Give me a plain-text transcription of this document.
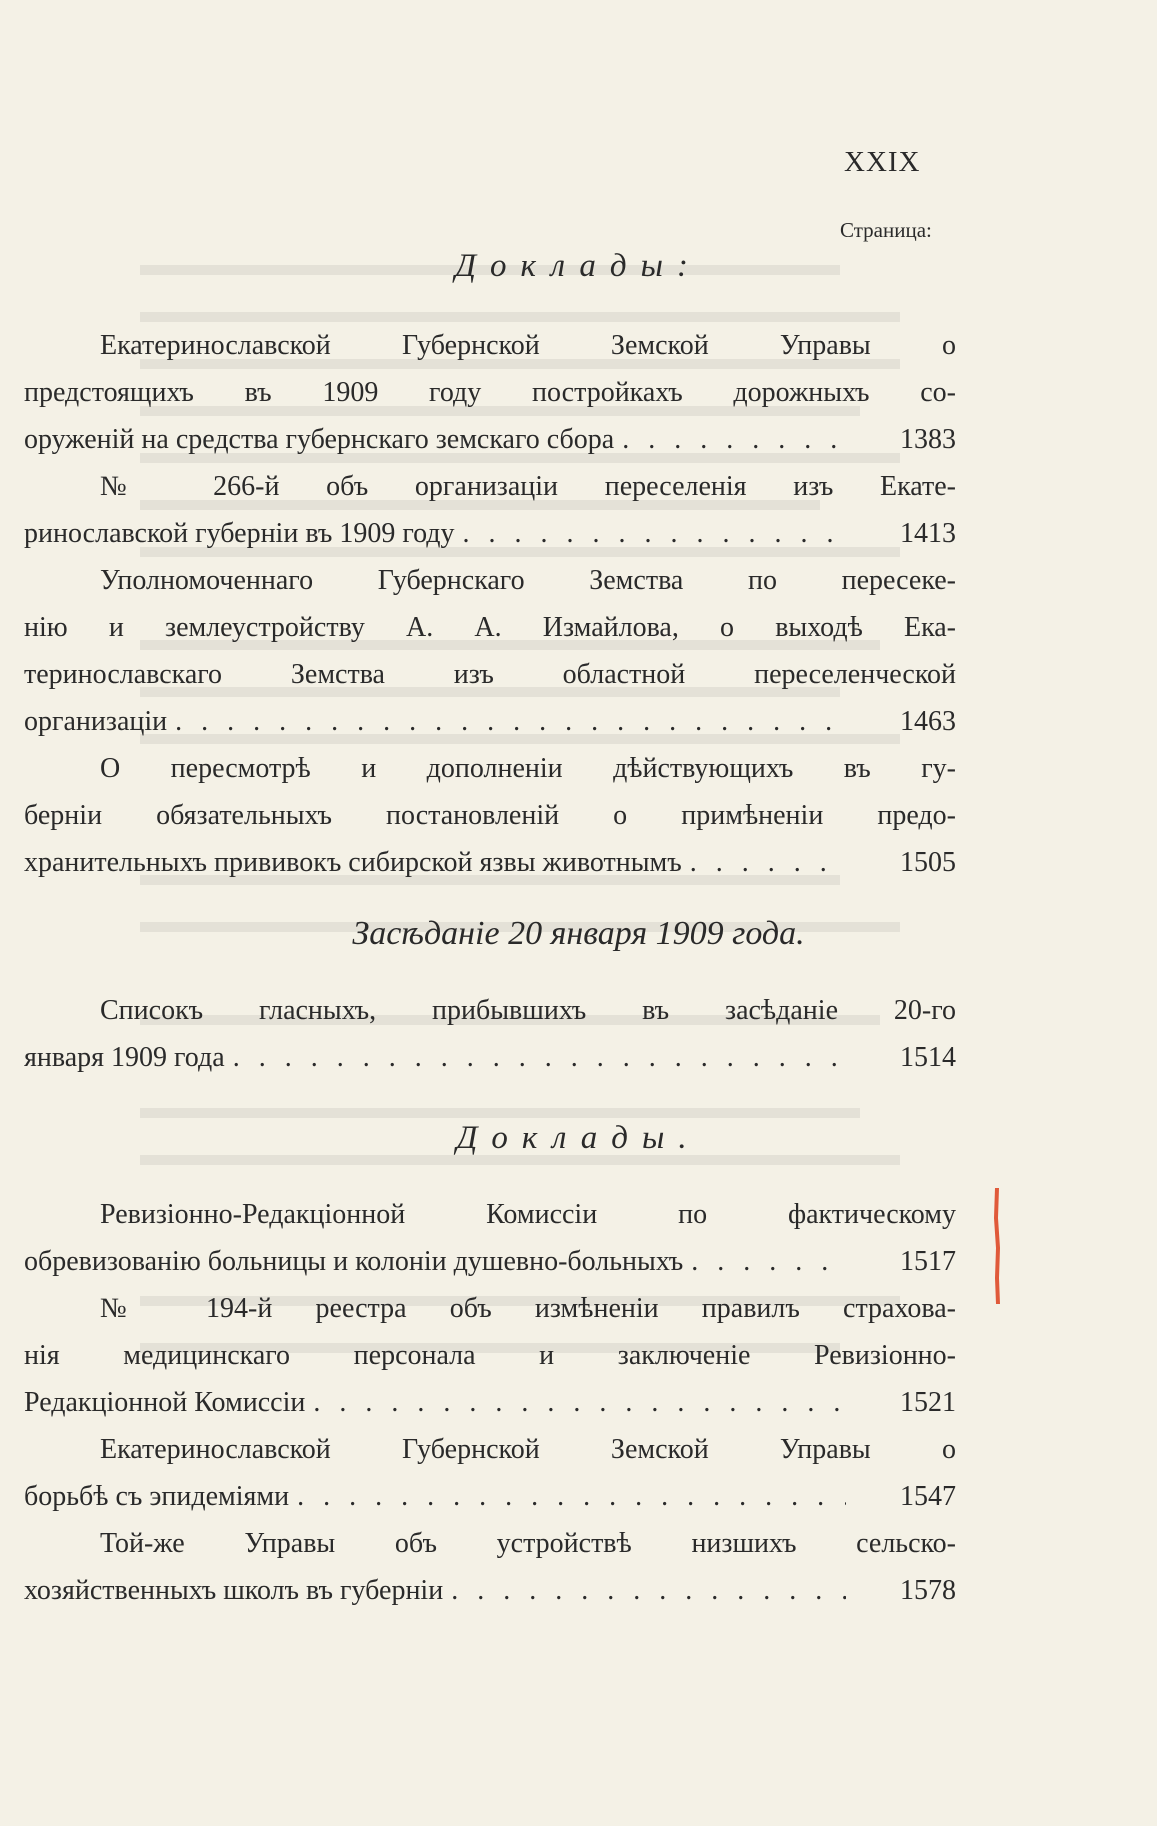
XXIX
Страница:
Доклады:
Екатеринославской Губернской Земской Управы о
предстоящихъ въ 1909 году постройкахъ дорожныхъ со-
оруженій на средства губернскаго земскаго сбора . . .	1383
№ 266-й объ организаціи переселенія изъ Екате-
ринославской губерніи въ 1909 году . . .	1413
Уполномоченнаго Губернскаго Земства по пересеке-
нію и землеустройству А. А. Измайлова, о выходѣ Ека-
теринославскаго Земства изъ областной переселенческой
организаціи . . .	1463
О пересмотрѣ и дополненіи дѣйствующихъ въ гу-
берніи обязательныхъ постановленій о примѣненіи предо-
хранительныхъ прививокъ сибирской язвы животнымъ . . .	1505
Засѣданіе 20 января 1909 года.
Списокъ гласныхъ, прибывшихъ въ засѣданіе 20-го
января 1909 года . . .	1514
Доклады.
Ревизіонно-Редакціонной Комиссіи по фактическому
обревизованію больницы и колоніи душевно-больныхъ . . .	1517
№ 194-й реестра объ измѣненіи правилъ страхова-
нія медицинскаго персонала и заключеніе Ревизіонно-
Редакціонной Комиссіи . . .	1521
Екатеринославской Губернской Земской Управы о
борьбѣ съ эпидеміями . . .	1547
Той-же Управы объ устройствѣ низшихъ сельско-
хозяйственныхъ школъ въ губерніи . . .	1578
